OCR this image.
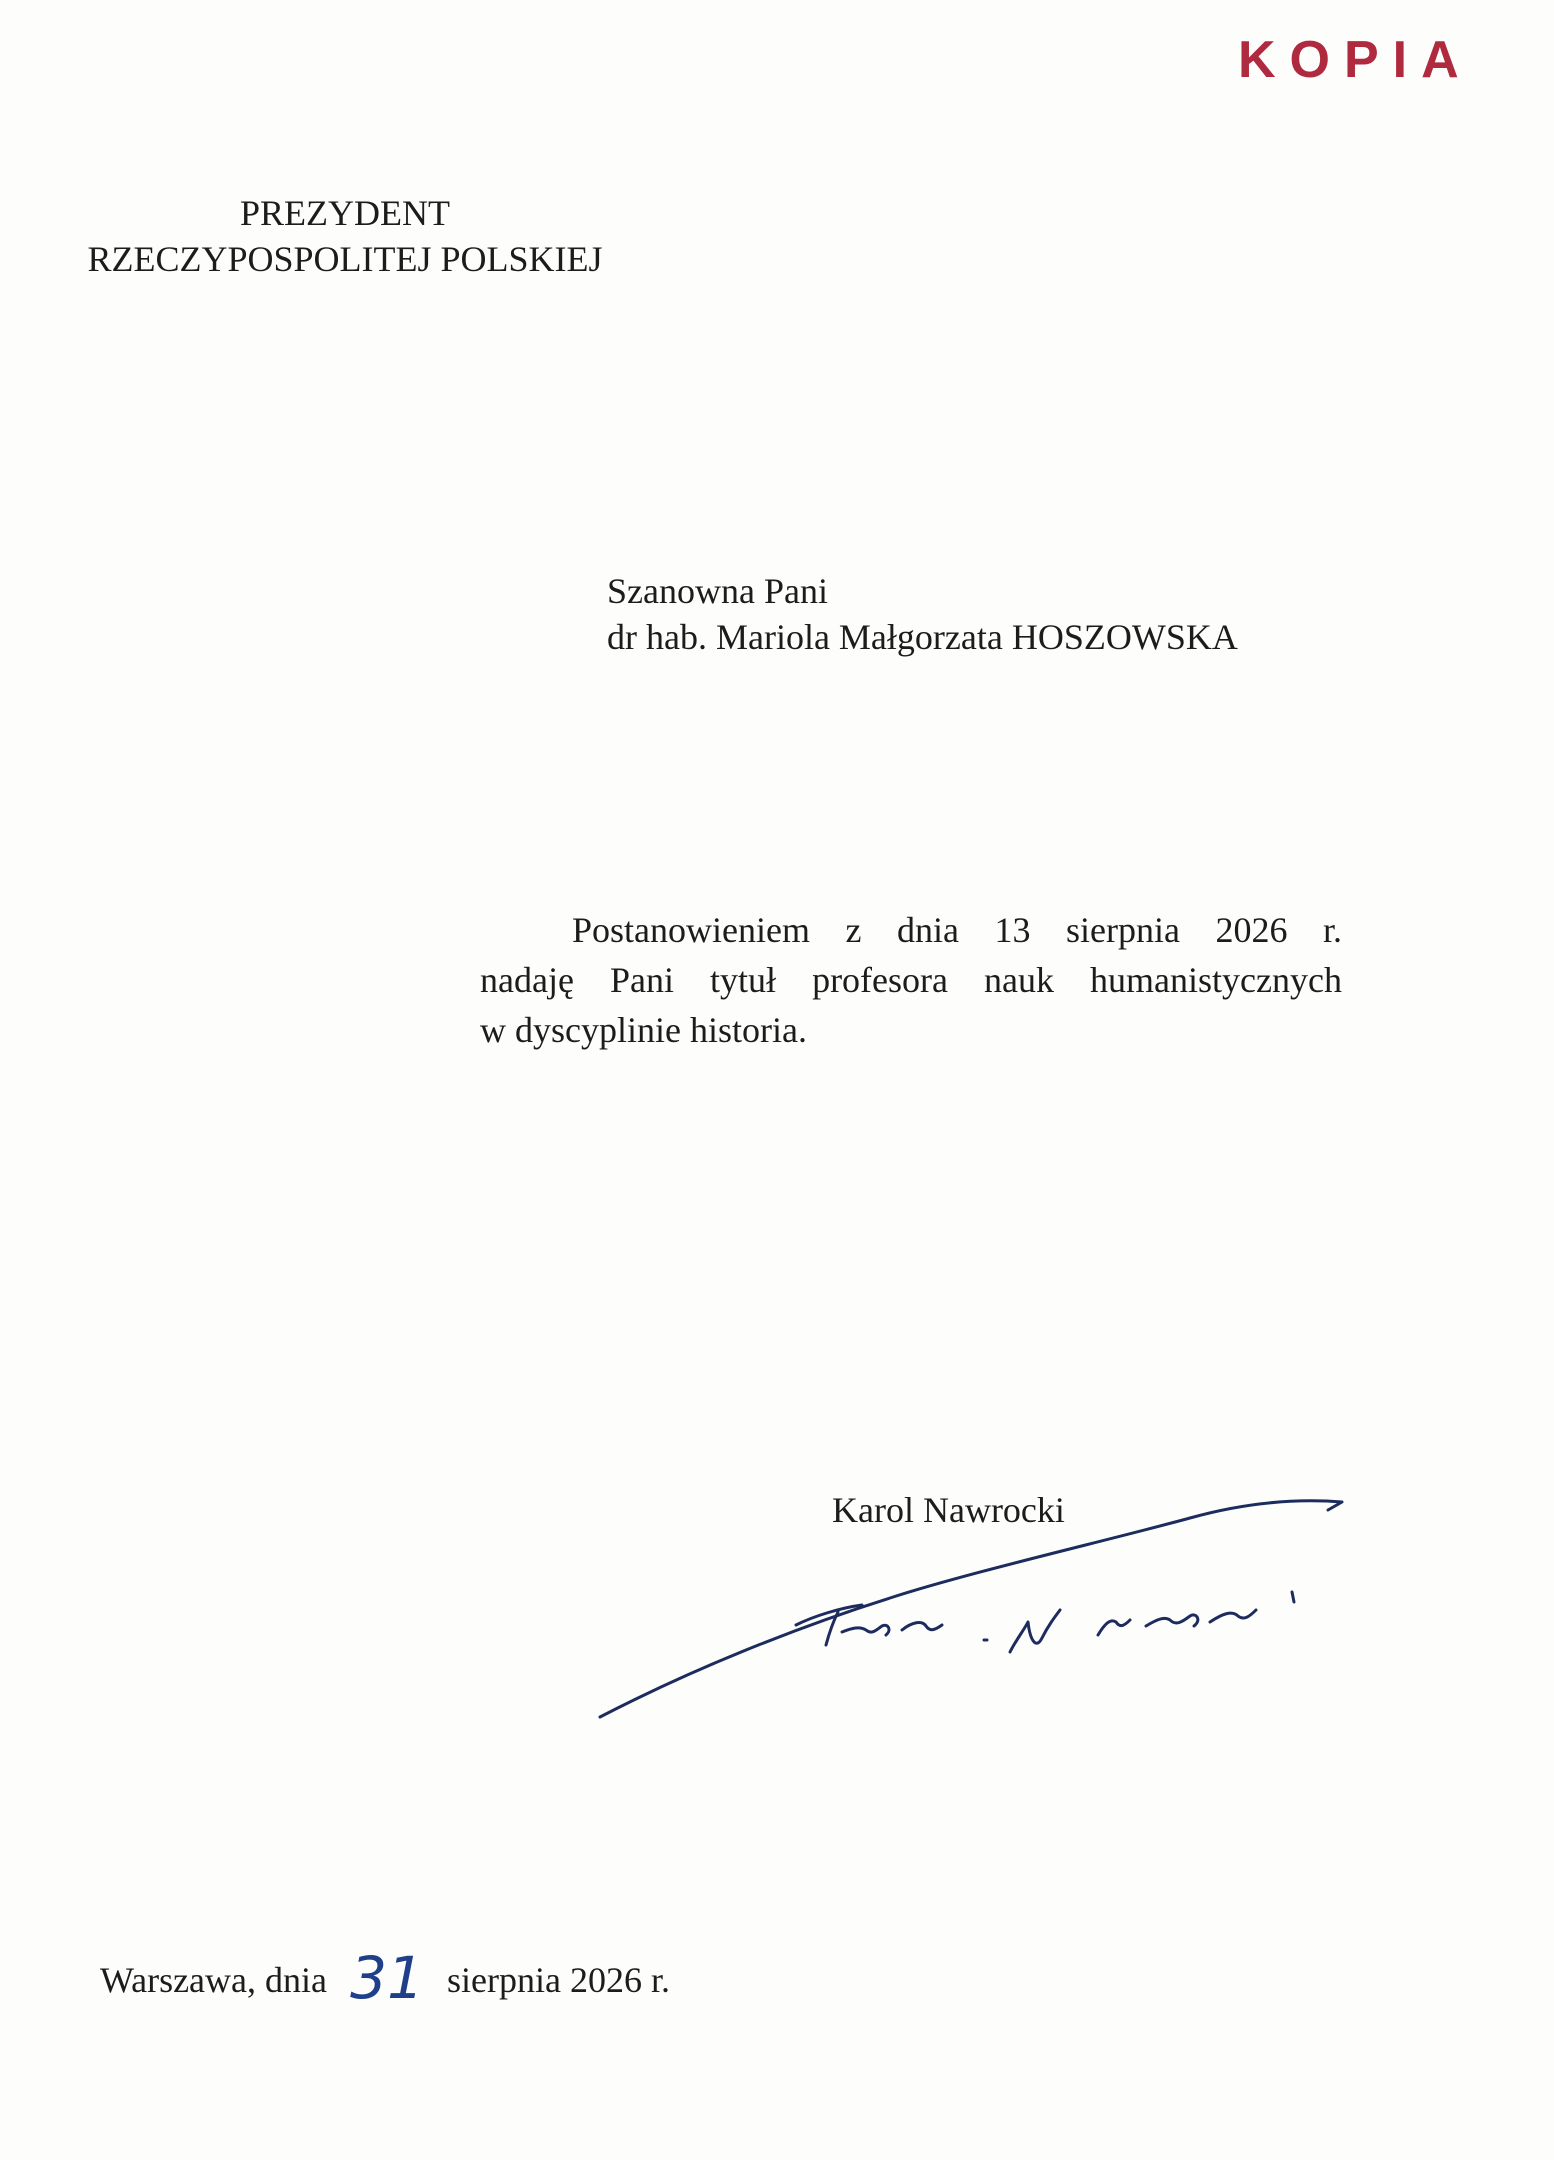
KOPIA
PREZYDENT
RZECZYPOSPOLITEJ POLSKIEJ
Szanowna Pani
dr hab. Mariola Małgorzata HOSZOWSKA
Postanowieniem z dnia 13 sierpnia 2026 r.
nadaję Pani tytuł profesora nauk humanistycznych
w dyscyplinie historia.
Karol Nawrocki
Warszawa, dnia 31 sierpnia 2026 r.
